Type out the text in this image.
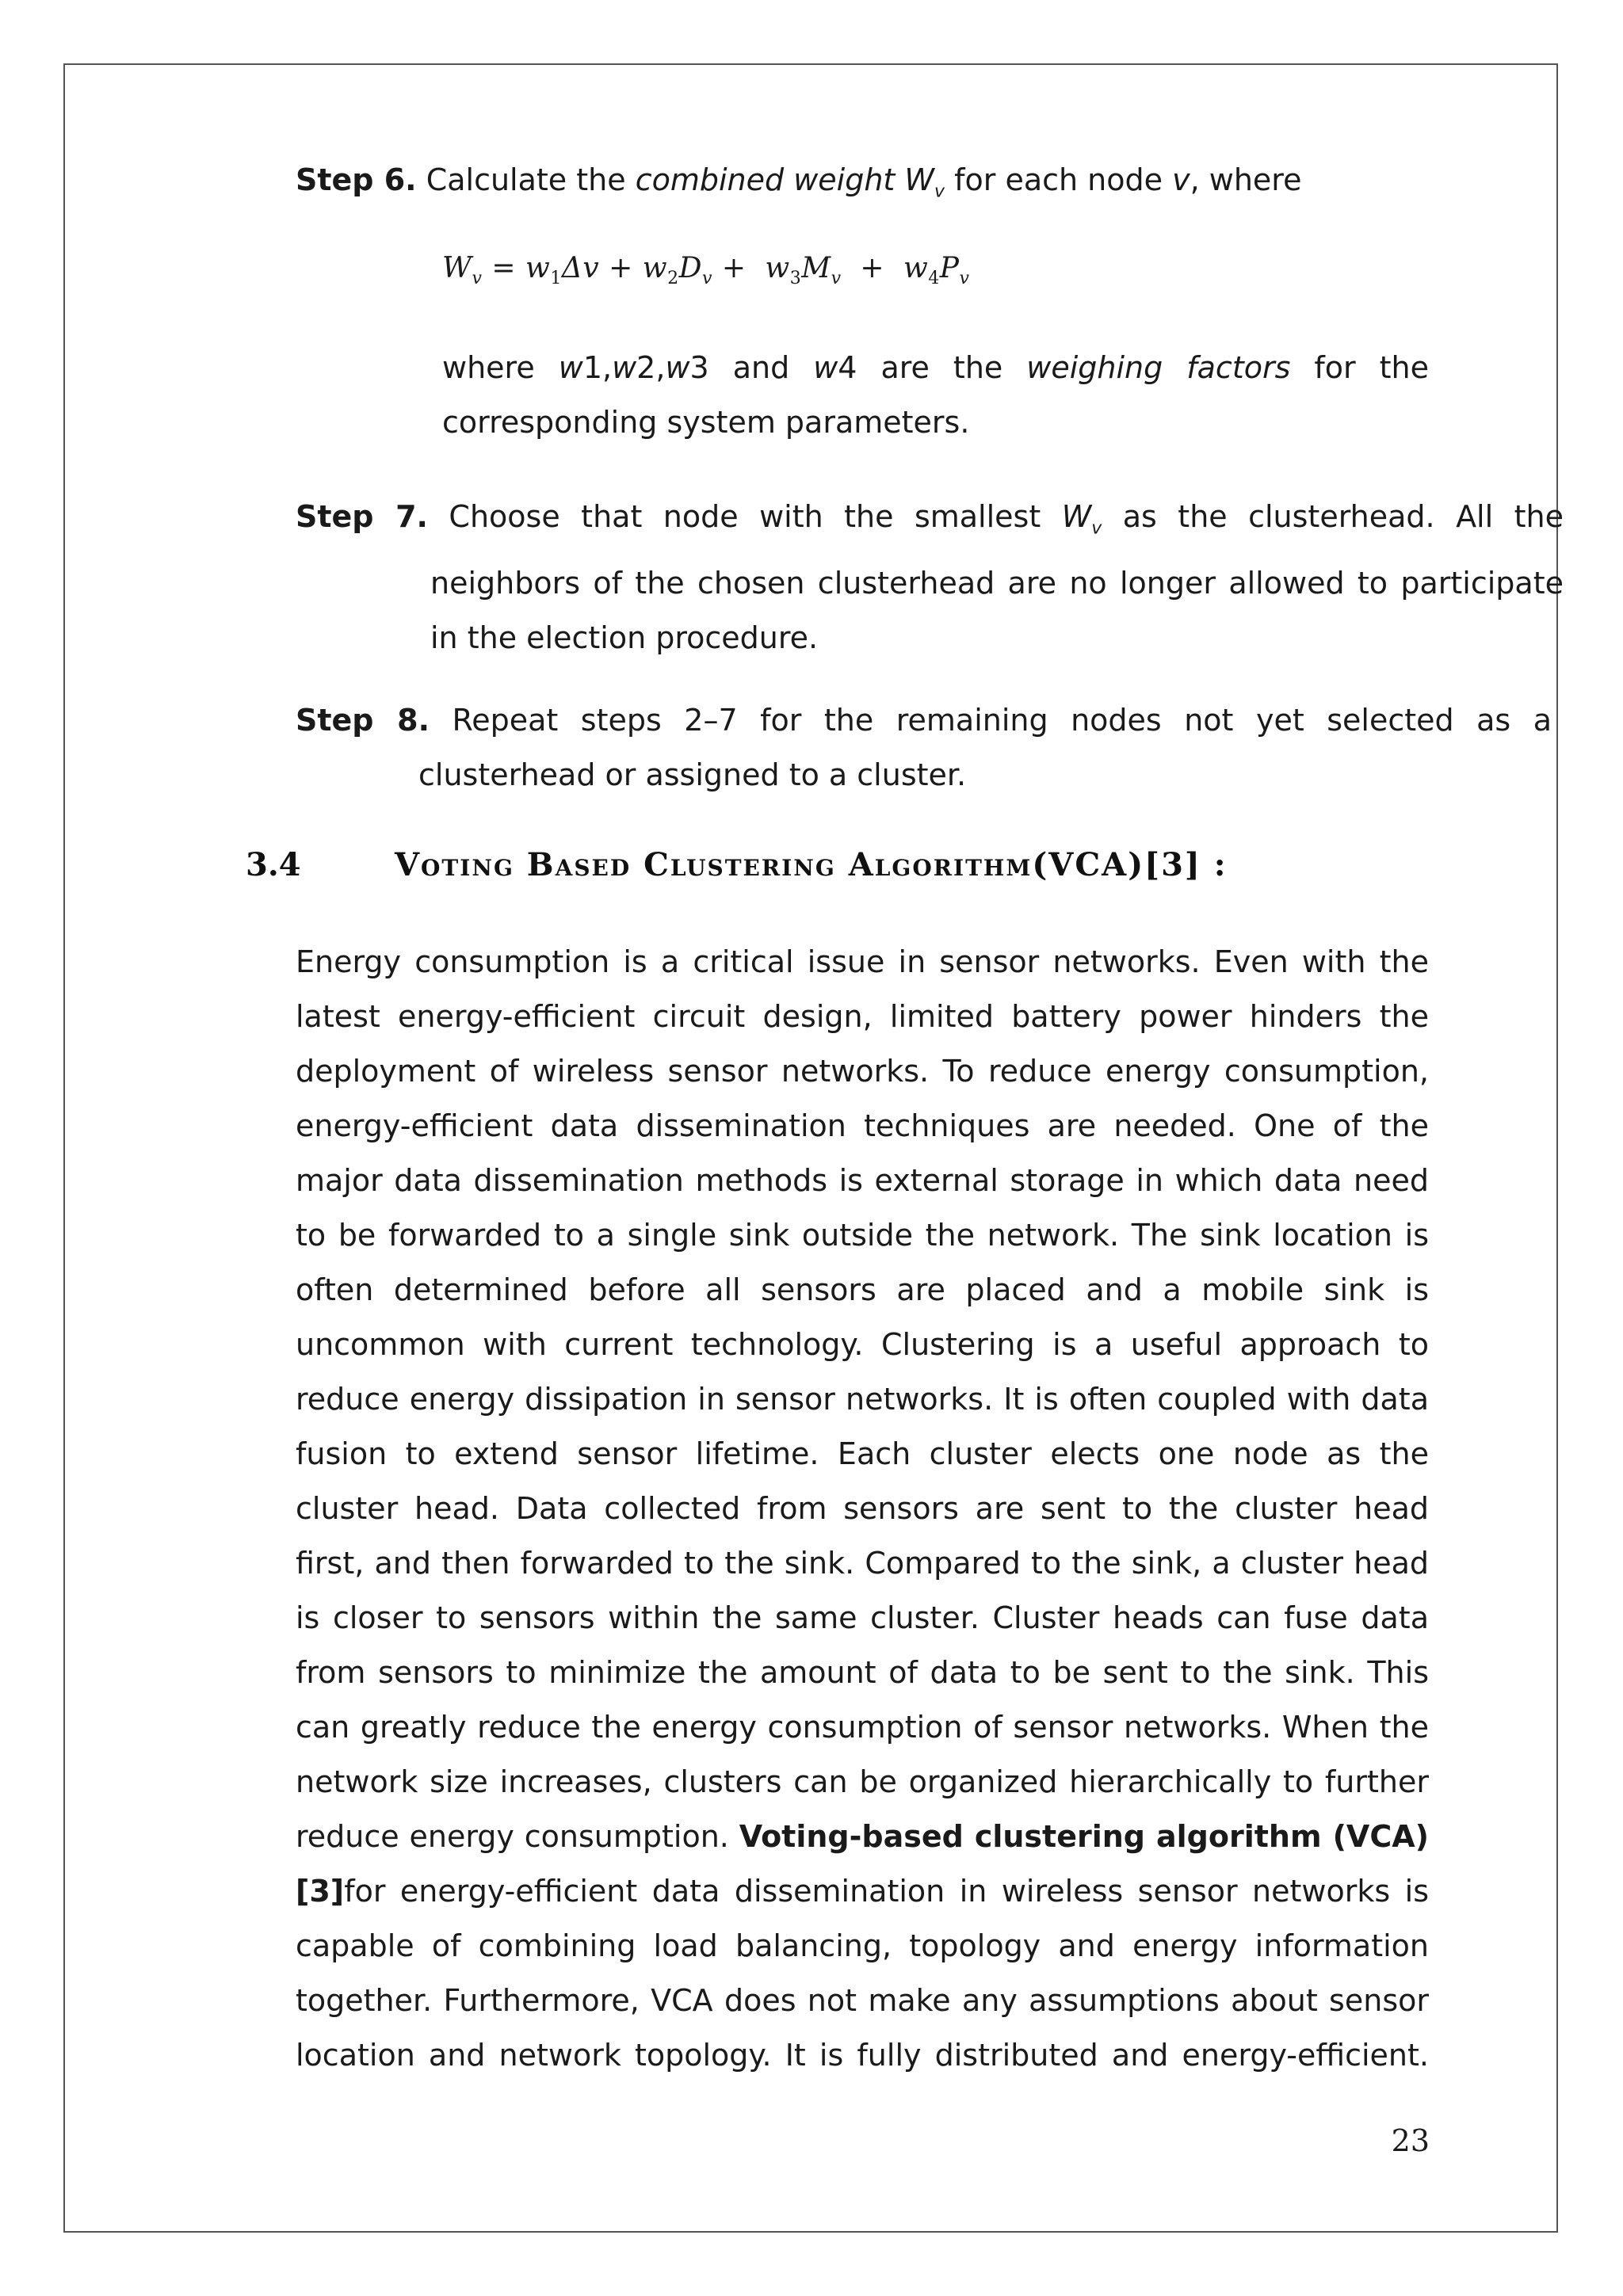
Step 6. Calculate the combined weight $W_v$ for each node v, where
$W_v = w_1\Delta v + w_2D_v + w_3M_v + w_4P_v$
where w1,w2,w3 and w4 are the weighing factors for the corresponding system parameters.
Step 7. Choose that node with the smallest $W_v$ as the clusterhead. All the neighbors of the chosen clusterhead are no longer allowed to participate in the election procedure.
Step 8. Repeat steps 2–7 for the remaining nodes not yet selected as a clusterhead or assigned to a cluster.
3.4	Voting Based Clustering Algorithm(VCA)[3] :
Energy consumption is a critical issue in sensor networks. Even with the latest energy-efficient circuit design, limited battery power hinders the deployment of wireless sensor networks. To reduce energy consumption, energy-efficient data dissemination techniques are needed. One of the major data dissemination methods is external storage in which data need to be forwarded to a single sink outside the network. The sink location is often determined before all sensors are placed and a mobile sink is uncommon with current technology. Clustering is a useful approach to reduce energy dissipation in sensor networks. It is often coupled with data fusion to extend sensor lifetime. Each cluster elects one node as the cluster head. Data collected from sensors are sent to the cluster head first, and then forwarded to the sink. Compared to the sink, a cluster head is closer to sensors within the same cluster. Cluster heads can fuse data from sensors to minimize the amount of data to be sent to the sink. This can greatly reduce the energy consumption of sensor networks. When the network size increases, clusters can be organized hierarchically to further reduce energy consumption. Voting-based clustering algorithm (VCA) [3]for energy-efficient data dissemination in wireless sensor networks is capable of combining load balancing, topology and energy information together. Furthermore, VCA does not make any assumptions about sensor location and network topology. It is fully distributed and energy-efficient.
23
